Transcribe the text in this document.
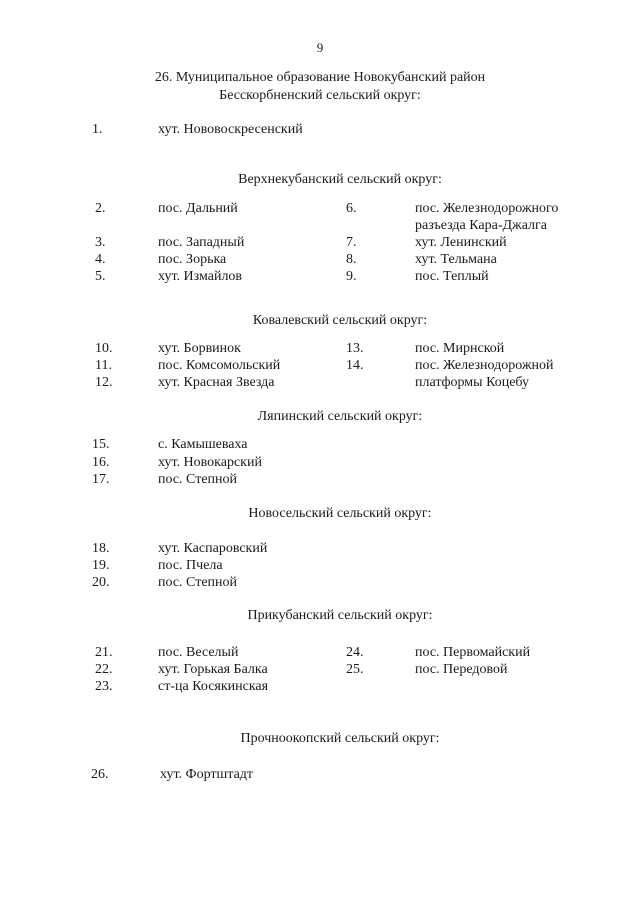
9
26. Муниципальное образование Новокубанский район
Бесскорбненский сельский округ:
1.	хут. Нововоскресенский
Верхнекубанский сельский округ:
2.	пос. Дальний
3.	пос. Западный
4.	пос. Зорька
5.	хут. Измайлов
6.	пос. Железнодорожного
разъезда Кара-Джалга
7.	хут. Ленинский
8.	хут. Тельмана
9.	пос. Теплый
Ковалевский сельский округ:
10.	хут. Борвинок
11.	пос. Комсомольский
12.	хут. Красная Звезда
13.	пос. Мирнской
14.	пос. Железнодорожной
платформы Коцебу
Ляпинский сельский округ:
15.	с. Камышеваха
16.	хут. Новокарский
17.	пос. Степной
Новосельский сельский округ:
18.	хут. Каспаровский
19.	пос. Пчела
20.	пос. Степной
Прикубанский сельский округ:
21.	пос. Веселый
22.	хут. Горькая Балка
23.	ст-ца Косякинская
24.	пос. Первомайский
25.	пос. Передовой
Прочноокопский сельский округ:
26.	хут. Фортштадт
